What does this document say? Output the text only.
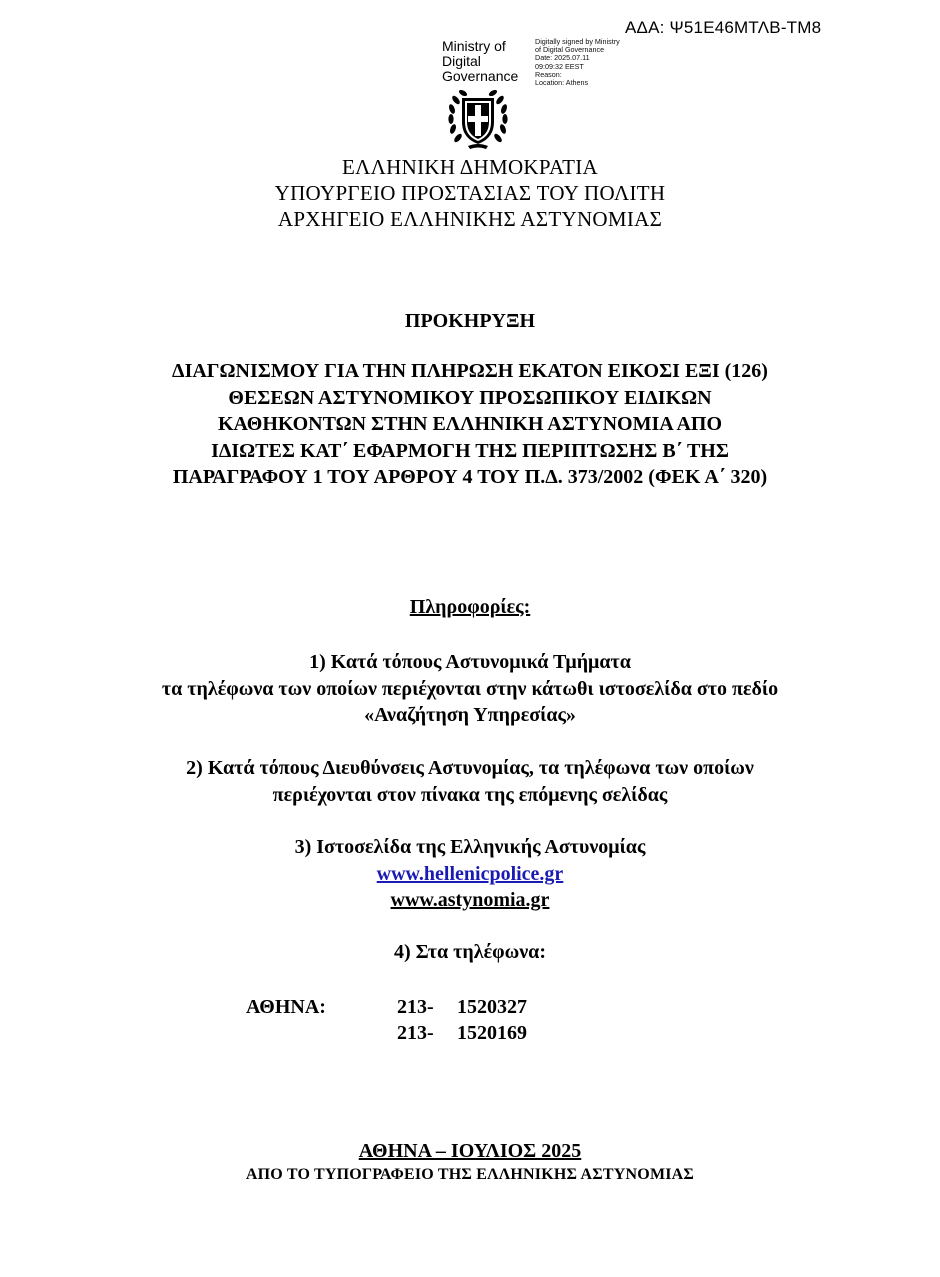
ΑΔΑ: Ψ51Ε46ΜΤΛΒ-ΤΜ8
Ministry of
Digital
Governance
Digitally signed by Ministry
of Digital Governance
Date: 2025.07.11
09:09:32 EEST
Reason:
Location: Athens
ΕΛΛΗΝΙΚΗ ΔΗΜΟΚΡΑΤΙΑ
ΥΠΟΥΡΓΕΙΟ ΠΡΟΣΤΑΣΙΑΣ ΤΟΥ ΠΟΛΙΤΗ
ΑΡΧΗΓΕΙΟ ΕΛΛΗΝΙΚΗΣ ΑΣΤΥΝΟΜΙΑΣ
ΠΡΟΚΗΡΥΞΗ
ΔΙΑΓΩΝΙΣΜΟΥ ΓΙΑ ΤΗΝ ΠΛΗΡΩΣΗ ΕΚΑΤΟΝ ΕΙΚΟΣΙ ΕΞΙ (126)
ΘΕΣΕΩΝ ΑΣΤΥΝΟΜΙΚΟΥ ΠΡΟΣΩΠΙΚΟΥ ΕΙΔΙΚΩΝ
ΚΑΘΗΚΟΝΤΩΝ ΣΤΗΝ ΕΛΛΗΝΙΚΗ ΑΣΤΥΝΟΜΙΑ ΑΠΟ
ΙΔΙΩΤΕΣ ΚΑΤ΄ ΕΦΑΡΜΟΓΗ ΤΗΣ ΠΕΡΙΠΤΩΣΗΣ Β΄ ΤΗΣ
ΠΑΡΑΓΡΑΦΟΥ 1 ΤΟΥ ΑΡΘΡΟΥ 4 ΤΟΥ Π.Δ. 373/2002 (ΦΕΚ Α΄ 320)
Πληροφορίες:
1) Κατά τόπους Αστυνομικά Τμήματα
τα τηλέφωνα των οποίων περιέχονται στην κάτωθι ιστοσελίδα στο πεδίο
«Αναζήτηση Υπηρεσίας»
2) Κατά τόπους Διευθύνσεις Αστυνομίας, τα τηλέφωνα των οποίων
περιέχονται στον πίνακα της επόμενης σελίδας
3) Ιστοσελίδα της Ελληνικής Αστυνομίας
www.hellenicpolice.gr
www.astynomia.gr
4) Στα τηλέφωνα:
ΑΘΗΝΑ:	213- 1520327
213- 1520169
ΑΘΗΝΑ – ΙΟΥΛΙΟΣ 2025
ΑΠΟ ΤΟ ΤΥΠΟΓΡΑΦΕΙΟ ΤΗΣ ΕΛΛΗΝΙΚΗΣ ΑΣΤΥΝΟΜΙΑΣ
